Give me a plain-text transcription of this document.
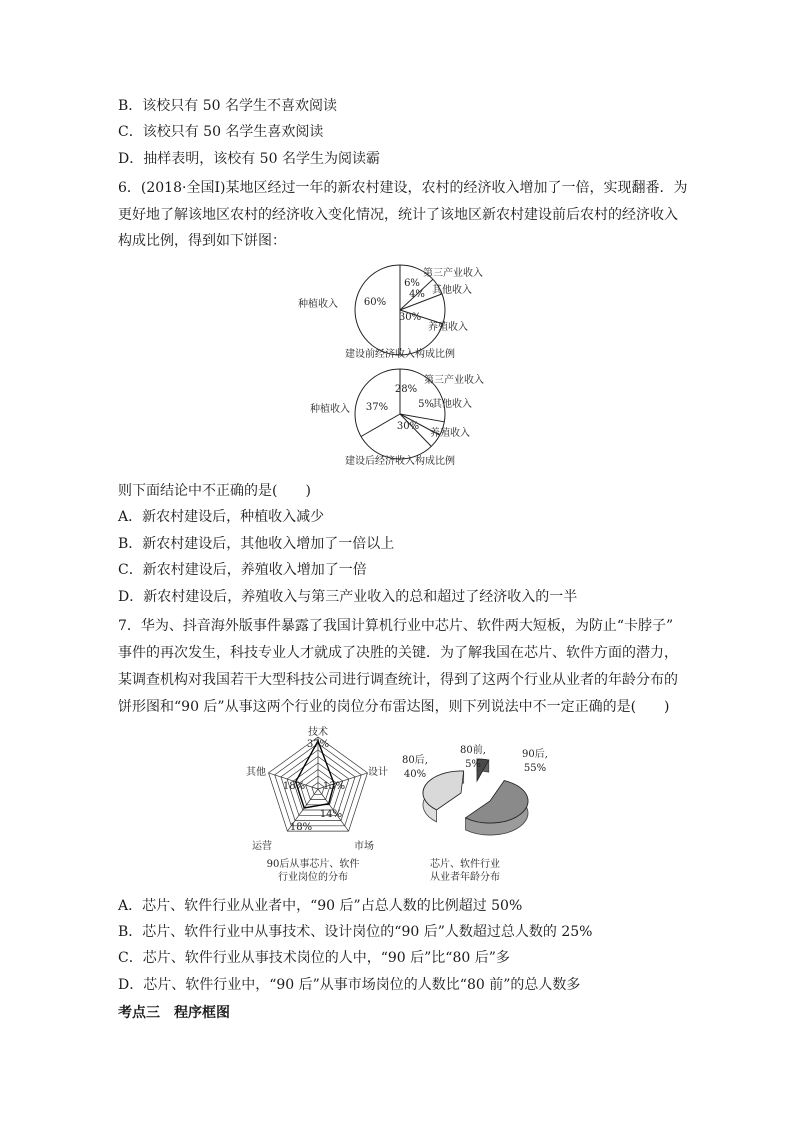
B．该校只有 50 名学生不喜欢阅读
C．该校只有 50 名学生喜欢阅读
D．抽样表明，该校有 50 名学生为阅读霸
6．(2018·全国Ⅰ)某地区经过一年的新农村建设，农村的经济收入增加了一倍，实现翻番．为
更好地了解该地区农村的经济收入变化情况，统计了该地区新农村建设前后农村的经济收入
构成比例，得到如下饼图：
60%
6%
4%
30%
种植收入
第三产业收入
其他收入
养殖收入
建设前经济收入构成比例
37%
28%
5%
30%
种植收入
第三产业收入
其他收入
养殖收入
建设后经济收入构成比例
则下面结论中不正确的是(　　)
A．新农村建设后，种植收入减少
B．新农村建设后，其他收入增加了一倍以上
C．新农村建设后，养殖收入增加了一倍
D．新农村建设后，养殖收入与第三产业收入的总和超过了经济收入的一半
7．华为、抖音海外版事件暴露了我国计算机行业中芯片、软件两大短板，为防止“卡脖子”
事件的再次发生，科技专业人才就成了决胜的关键．为了解我国在芯片、软件方面的潜力，
某调查机构对我国若干大型科技公司进行调查统计，得到了这两个行业从业者的年龄分布的
饼形图和“90 后”从事这两个行业的岗位分布雷达图，则下列说法中不一定正确的是(　　)
技术
设计
市场
运营
其他
37%
13%
14%
18%
18%
90后从事芯片、软件
行业岗位的分布
90后,
55%
80后,
40%
80前,
5%
芯片、软件行业
从业者年龄分布
A．芯片、软件行业从业者中，“90 后”占总人数的比例超过 50%
B．芯片、软件行业中从事技术、设计岗位的“90 后”人数超过总人数的 25%
C．芯片、软件行业从事技术岗位的人中，“90 后”比“80 后”多
D．芯片、软件行业中，“90 后”从事市场岗位的人数比“80 前”的总人数多
考点三　程序框图
